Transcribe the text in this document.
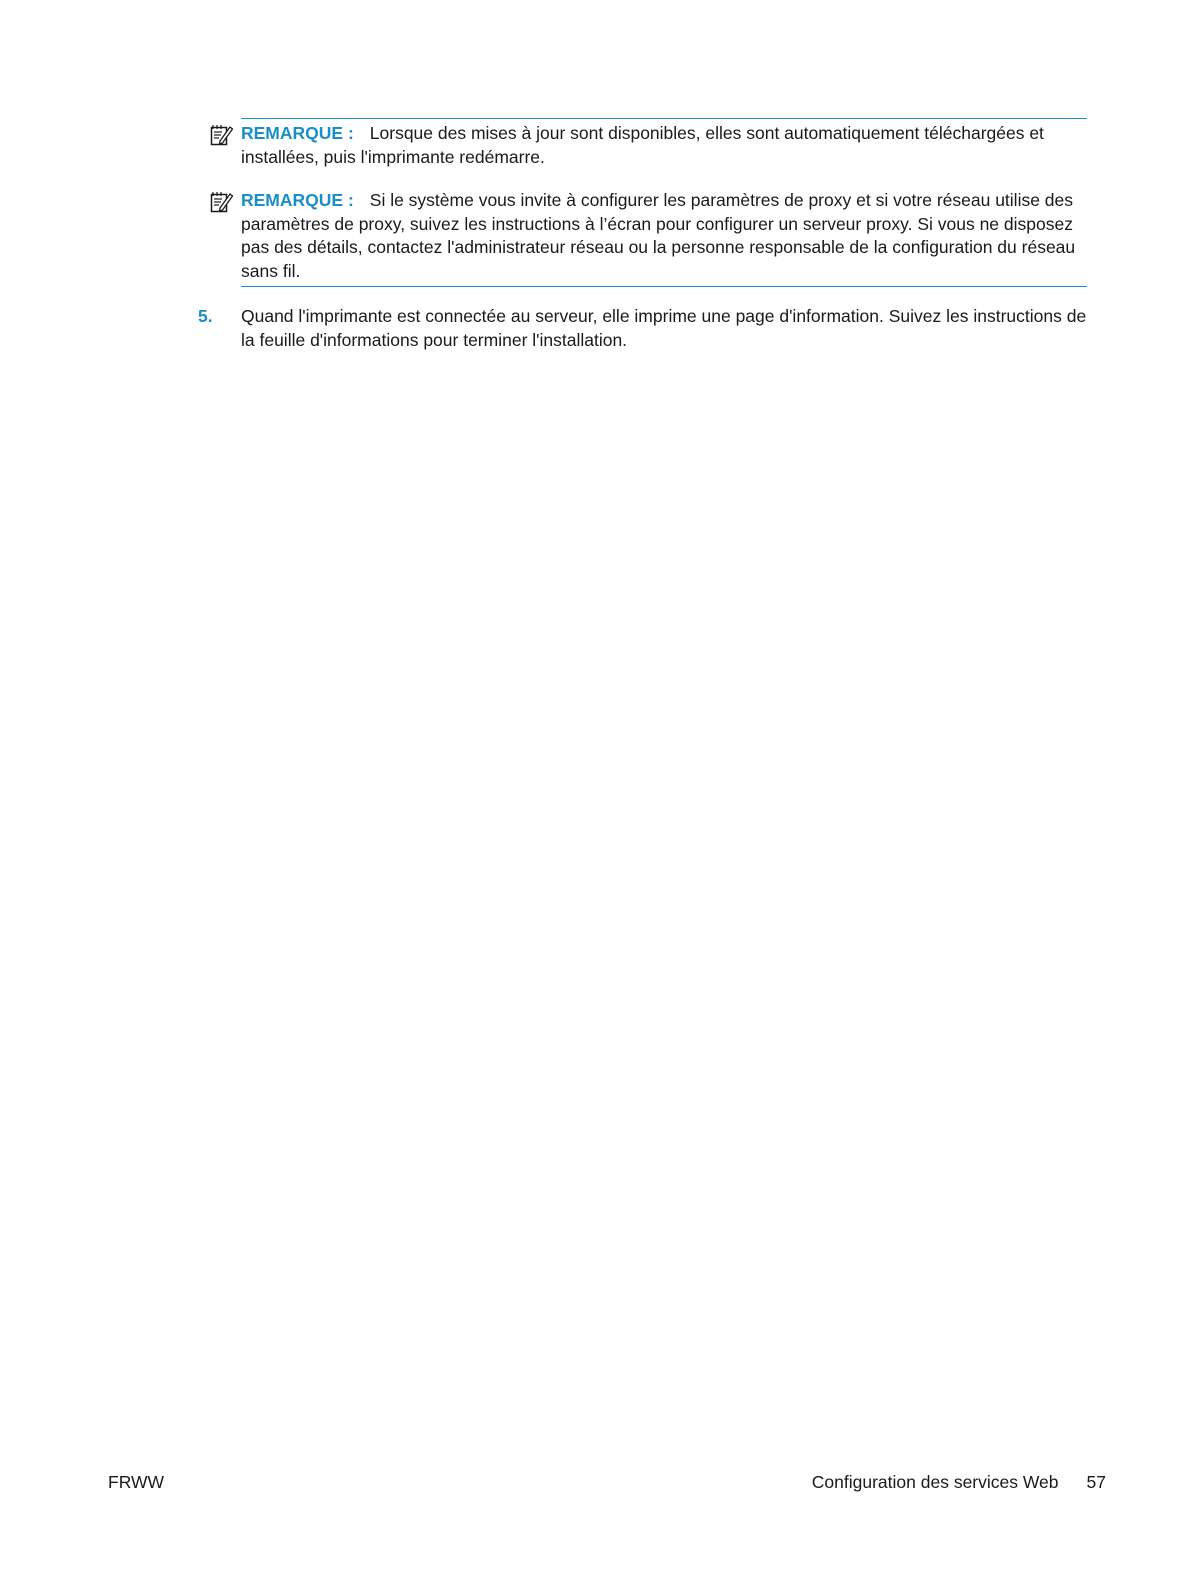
REMARQUE : Lorsque des mises à jour sont disponibles, elles sont automatiquement téléchargées et installées, puis l'imprimante redémarre.
REMARQUE : Si le système vous invite à configurer les paramètres de proxy et si votre réseau utilise des paramètres de proxy, suivez les instructions à l’écran pour configurer un serveur proxy. Si vous ne disposez pas des détails, contactez l'administrateur réseau ou la personne responsable de la configuration du réseau sans fil.
5. Quand l'imprimante est connectée au serveur, elle imprime une page d'information. Suivez les instructions de la feuille d'informations pour terminer l'installation.
FRWW	Configuration des services Web 57
